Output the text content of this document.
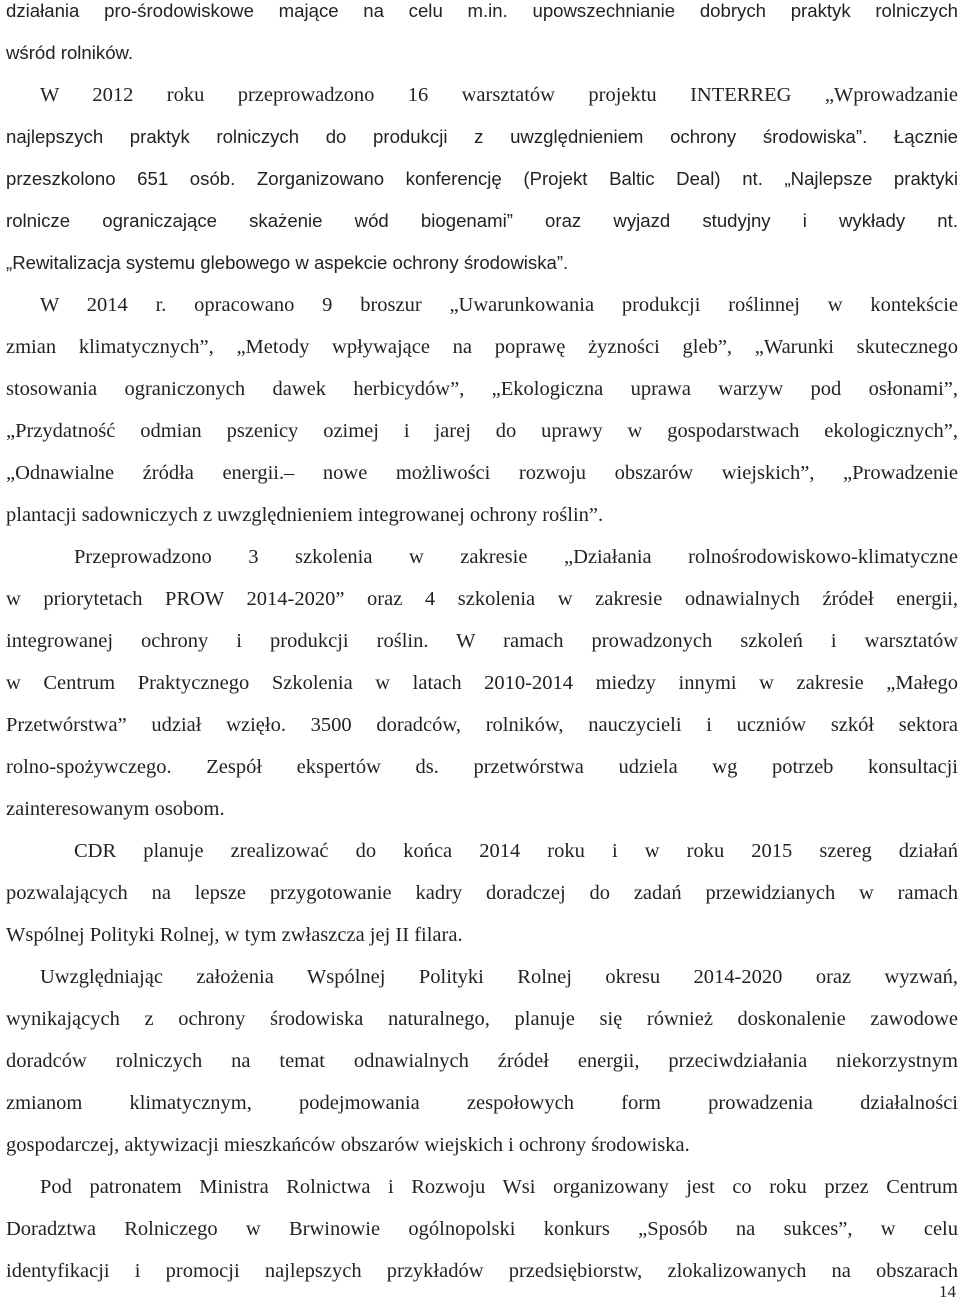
działania pro-środowiskowe mające na celu m.in. upowszechnianie dobrych praktyk rolniczych
wśród rolników.
W 2012 roku przeprowadzono 16 warsztatów projektu INTERREG „Wprowadzanie
najlepszych praktyk rolniczych do produkcji z uwzględnieniem ochrony środowiska”. Łącznie
przeszkolono 651 osób. Zorganizowano konferencję (Projekt Baltic Deal) nt. „Najlepsze praktyki
rolnicze ograniczające skażenie wód biogenami” oraz wyjazd studyjny i wykłady nt.
„Rewitalizacja systemu glebowego w aspekcie ochrony środowiska”.
W 2014 r. opracowano 9 broszur „Uwarunkowania produkcji roślinnej w kontekście
zmian klimatycznych”, „Metody wpływające na poprawę żyzności gleb”, „Warunki skutecznego
stosowania ograniczonych dawek herbicydów”, „Ekologiczna uprawa warzyw pod osłonami”,
„Przydatność odmian pszenicy ozimej i jarej do uprawy w gospodarstwach ekologicznych”,
„Odnawialne źródła energii.– nowe możliwości rozwoju obszarów wiejskich”, „Prowadzenie
plantacji sadowniczych z uwzględnieniem integrowanej ochrony roślin”.
Przeprowadzono 3 szkolenia w zakresie „Działania rolnośrodowiskowo-klimatyczne
w priorytetach PROW 2014-2020” oraz 4 szkolenia w zakresie odnawialnych źródeł energii,
integrowanej ochrony i produkcji roślin. W ramach prowadzonych szkoleń i warsztatów
w Centrum Praktycznego Szkolenia w latach 2010-2014 miedzy innymi w zakresie „Małego
Przetwórstwa” udział wzięło. 3500 doradców, rolników, nauczycieli i uczniów szkół sektora
rolno-spożywczego. Zespół ekspertów ds. przetwórstwa udziela wg potrzeb konsultacji
zainteresowanym osobom.
CDR planuje zrealizować do końca 2014 roku i w roku 2015 szereg działań
pozwalających na lepsze przygotowanie kadry doradczej do zadań przewidzianych w ramach
Wspólnej Polityki Rolnej, w tym zwłaszcza jej II filara.
Uwzględniając założenia Wspólnej Polityki Rolnej okresu 2014-2020 oraz wyzwań,
wynikających z ochrony środowiska naturalnego, planuje się również doskonalenie zawodowe
doradców rolniczych na temat odnawialnych źródeł energii, przeciwdziałania niekorzystnym
zmianom klimatycznym, podejmowania zespołowych form prowadzenia działalności
gospodarczej, aktywizacji mieszkańców obszarów wiejskich i ochrony środowiska.
Pod patronatem Ministra Rolnictwa i Rozwoju Wsi organizowany jest co roku przez Centrum
Doradztwa Rolniczego w Brwinowie ogólnopolski konkurs „Sposób na sukces”, w celu
identyfikacji i promocji najlepszych przykładów przedsiębiorstw, zlokalizowanych na obszarach
14
